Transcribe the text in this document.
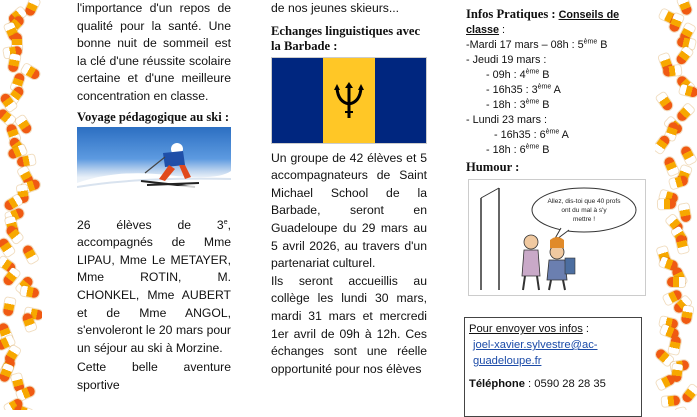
l'importance d'un repos de qualité pour la santé. Une bonne nuit de sommeil est la clé d'une réussite scolaire certaine et d'une meilleure concentration en classe.

Voyage pédagogique au ski :

26 élèves de 3e, accompagnés de Mme LIPAU, Mme Le METAYER, Mme ROTIN, M. CHONKEL, Mme AUBERT et de Mme ANGOL, s'envoleront le 20 mars pour un séjour au ski à Morzine.

Cette belle aventure sportive

de nos jeunes skieurs...

Echanges linguistiques avec la Barbade :

Un groupe de 42 élèves et 5 accompagnateurs de Saint Michael School de la Barbade, seront en Guadeloupe du 29 mars au 5 avril 2026, au travers d'un partenariat culturel.

Ils seront accueillis au collège les lundi 30 mars, mardi 31 mars et mercredi 1er avril de 09h à 12h. Ces échanges sont une réelle opportunité pour nos élèves

Infos Pratiques : Conseils de classe :

-Mardi 17 mars – 08h : 5ème B

- Jeudi 19 mars :

- 09h : 4ème B

- 16h35 : 3ème A

- 18h : 3ème B

- Lundi 23 mars :

- 16h35 : 6ème A

- 18h : 6ème B

Humour :

Allez, dis-toi que 40 profs
ont du mal à s'y
mettre !

Pour envoyer vos infos :

joel-xavier.sylvestre@ac-guadeloupe.fr

Téléphone : 0590 28 28 35
